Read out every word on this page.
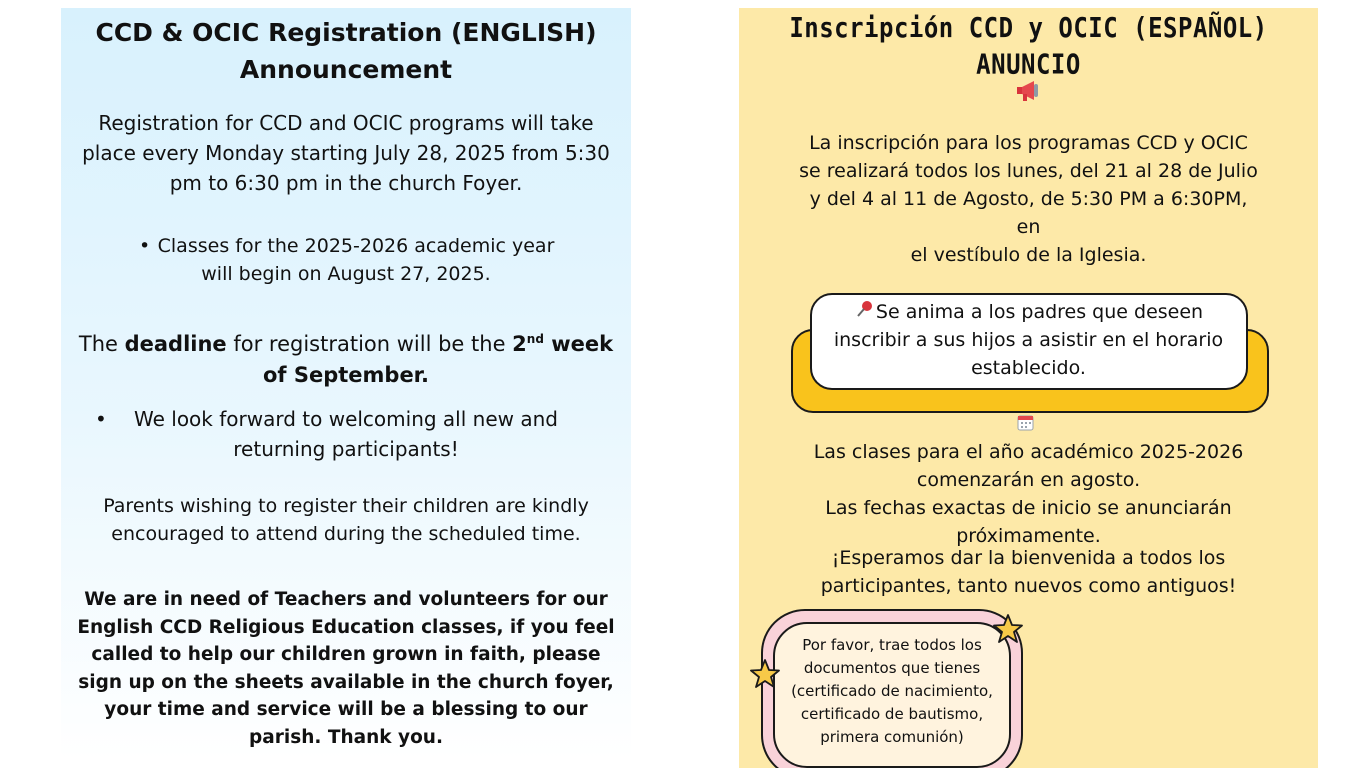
CCD & OCIC Registration (ENGLISH) Announcement

Registration for CCD and OCIC programs will take place every Monday starting July 28, 2025 from 5:30 pm to 6:30 pm in the church Foyer.

• Classes for the 2025-2026 academic year
will begin on August 27, 2025.

The deadline for registration will be the 2nd week
of September.

•	We look forward to welcoming all new and returning participants!

Parents wishing to register their children are kindly encouraged to attend during the scheduled time.

We are in need of Teachers and volunteers for our English CCD Religious Education classes, if you feel called to help our children grown in faith, please sign up on the sheets available in the church foyer, your time and service will be a blessing to our parish. Thank you.

Inscripción CCD y OCIC (ESPAÑOL) ANUNCIO

La inscripción para los programas CCD y OCIC se realizará todos los lunes, del 21 al 28 de Julio y del 4 al 11 de Agosto, de 5:30 PM a 6:30PM, en
el vestíbulo de la Iglesia.

Se anima a los padres que deseen inscribir a sus hijos a asistir en el horario establecido.

Las clases para el año académico 2025-2026 comenzarán en agosto.
Las fechas exactas de inicio se anunciarán próximamente.

¡Esperamos dar la bienvenida a todos los participantes, tanto nuevos como antiguos!

Por favor, trae todos los documentos que tienes
(certificado de nacimiento, certificado de bautismo, primera comunión)
